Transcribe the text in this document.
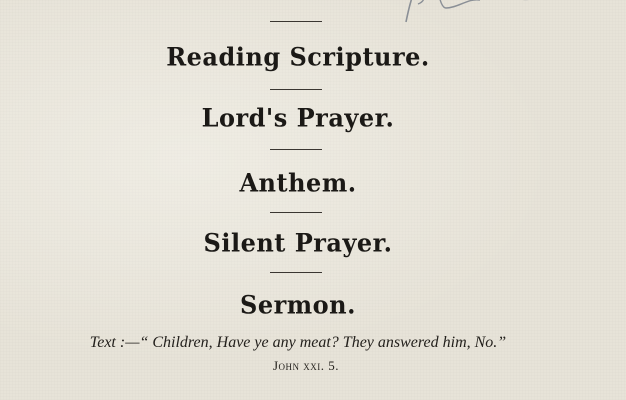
Reading Scripture.
Lord's Prayer.
Anthem.
Silent Prayer.
Sermon.
Text :—“ Children, Have ye any meat? They answered him, No.”
John xxi. 5.
